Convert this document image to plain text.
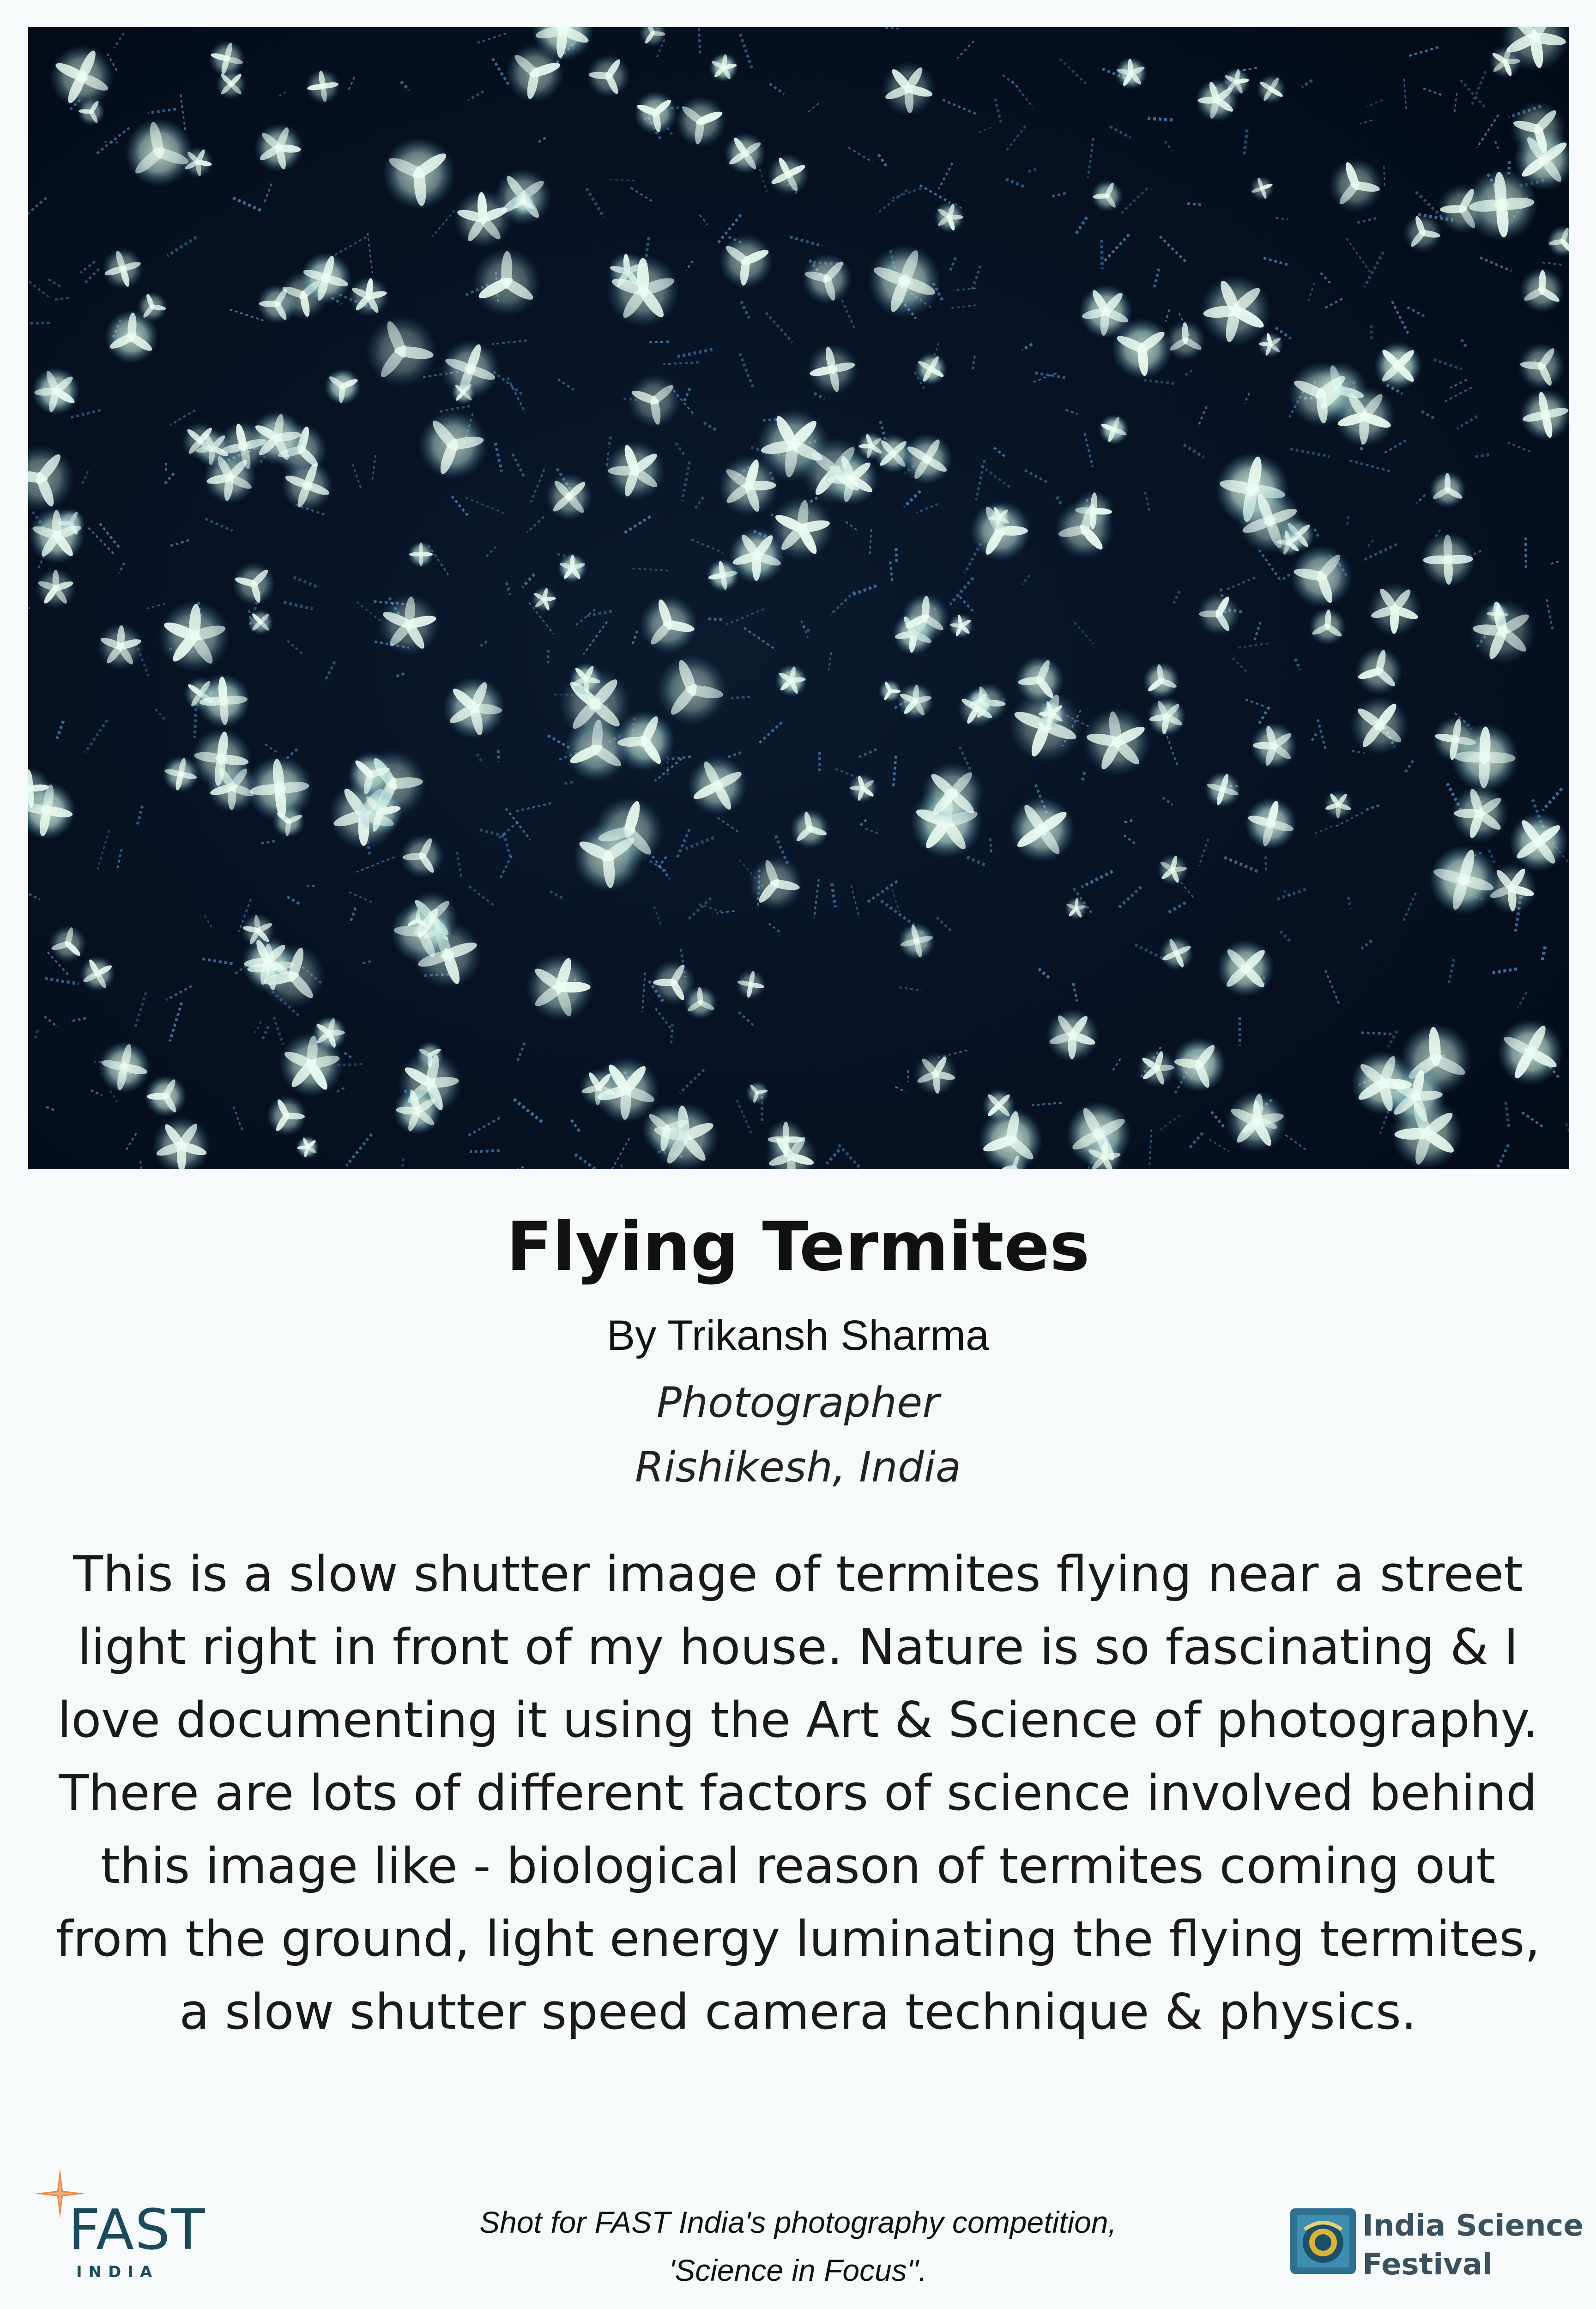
Flying Termites
By Trikansh Sharma
Photographer
Rishikesh, India
This is a slow shutter image of termites flying near a street light right in front of my house. Nature is so fascinating & I love documenting it using the Art & Science of photography. There are lots of different factors of science involved behind this image like - biological reason of termites coming out from the ground, light energy luminating the flying termites, a slow shutter speed camera technique & physics.
FAST
INDIA
Shot for FAST India's photography competition,
'Science in Focus''.
India Science
Festival
